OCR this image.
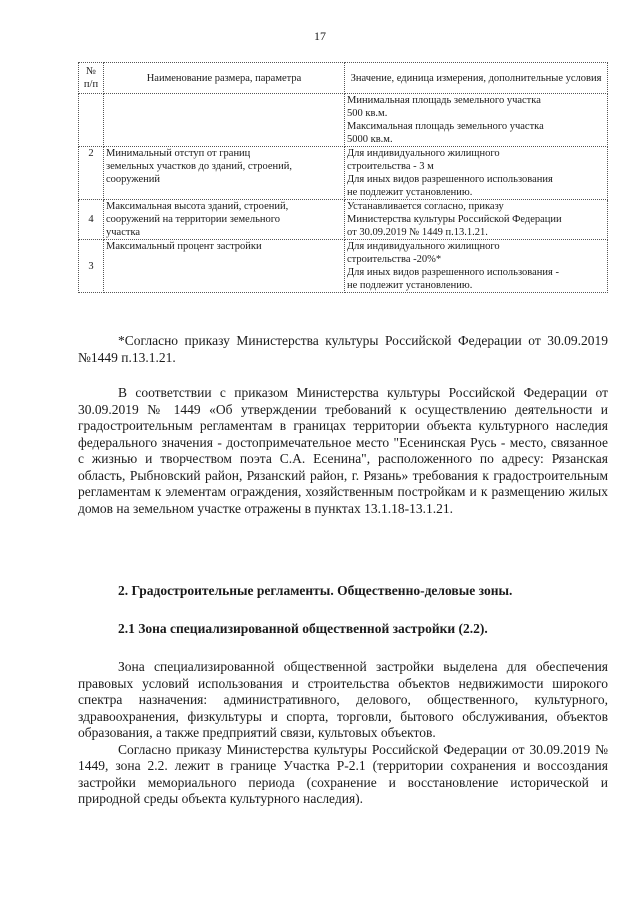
17
№ п/п	Наименование размера, параметра	Значение, единица измерения, дополнительные условия

		Минимальная площадь земельного участка
500 кв.м.
Максимальная площадь земельного участка
5000 кв.м.

2	Минимальный отступ от границ
земельных участков до зданий, строений,
сооружений	Для индивидуального жилищного
строительства - 3 м
Для иных видов разрешенного использования
не подлежит установлению.

4	Максимальная высота зданий, строений,
сооружений на территории земельного
участка	Устанавливается согласно, приказу
Министерства культуры Российской Федерации
от 30.09.2019 № 1449 п.13.1.21.

3	Максимальный процент застройки	Для индивидуального жилищного
строительства -20%*
Для иных видов разрешенного использования -
не подлежит установлению.

*Согласно приказу Министерства культуры Российской Федерации от 30.09.2019 №1449 п.13.1.21.

В соответствии с приказом Министерства культуры Российской Федерации от 30.09.2019 № 1449 «Об утверждении требований к осуществлению деятельности и градостроительным регламентам в границах территории объекта культурного наследия федерального значения - достопримечательное место "Есенинская Русь - место, связанное с жизнью и творчеством поэта С.А. Есенина", расположенного по адресу: Рязанская область, Рыбновский район, Рязанский район, г. Рязань» требования к градостроительным регламентам к элементам ограждения, хозяйственным постройкам и к размещению жилых домов на земельном участке отражены в пунктах 13.1.18-13.1.21.

2. Градостроительные регламенты. Общественно-деловые зоны.
2.1 Зона специализированной общественной застройки (2.2).

Зона специализированной общественной застройки выделена для обеспечения правовых условий использования и строительства объектов недвижимости широкого спектра назначения: административного, делового, общественного, культурного, здравоохранения, физкультуры и спорта, торговли, бытового обслуживания, объектов образования, а также предприятий связи, культовых объектов.

Согласно приказу Министерства культуры Российской Федерации от 30.09.2019 № 1449, зона 2.2. лежит в границе Участка Р-2.1 (территории сохранения и воссоздания застройки мемориального периода (сохранение и восстановление исторической и природной среды объекта культурного наследия).
